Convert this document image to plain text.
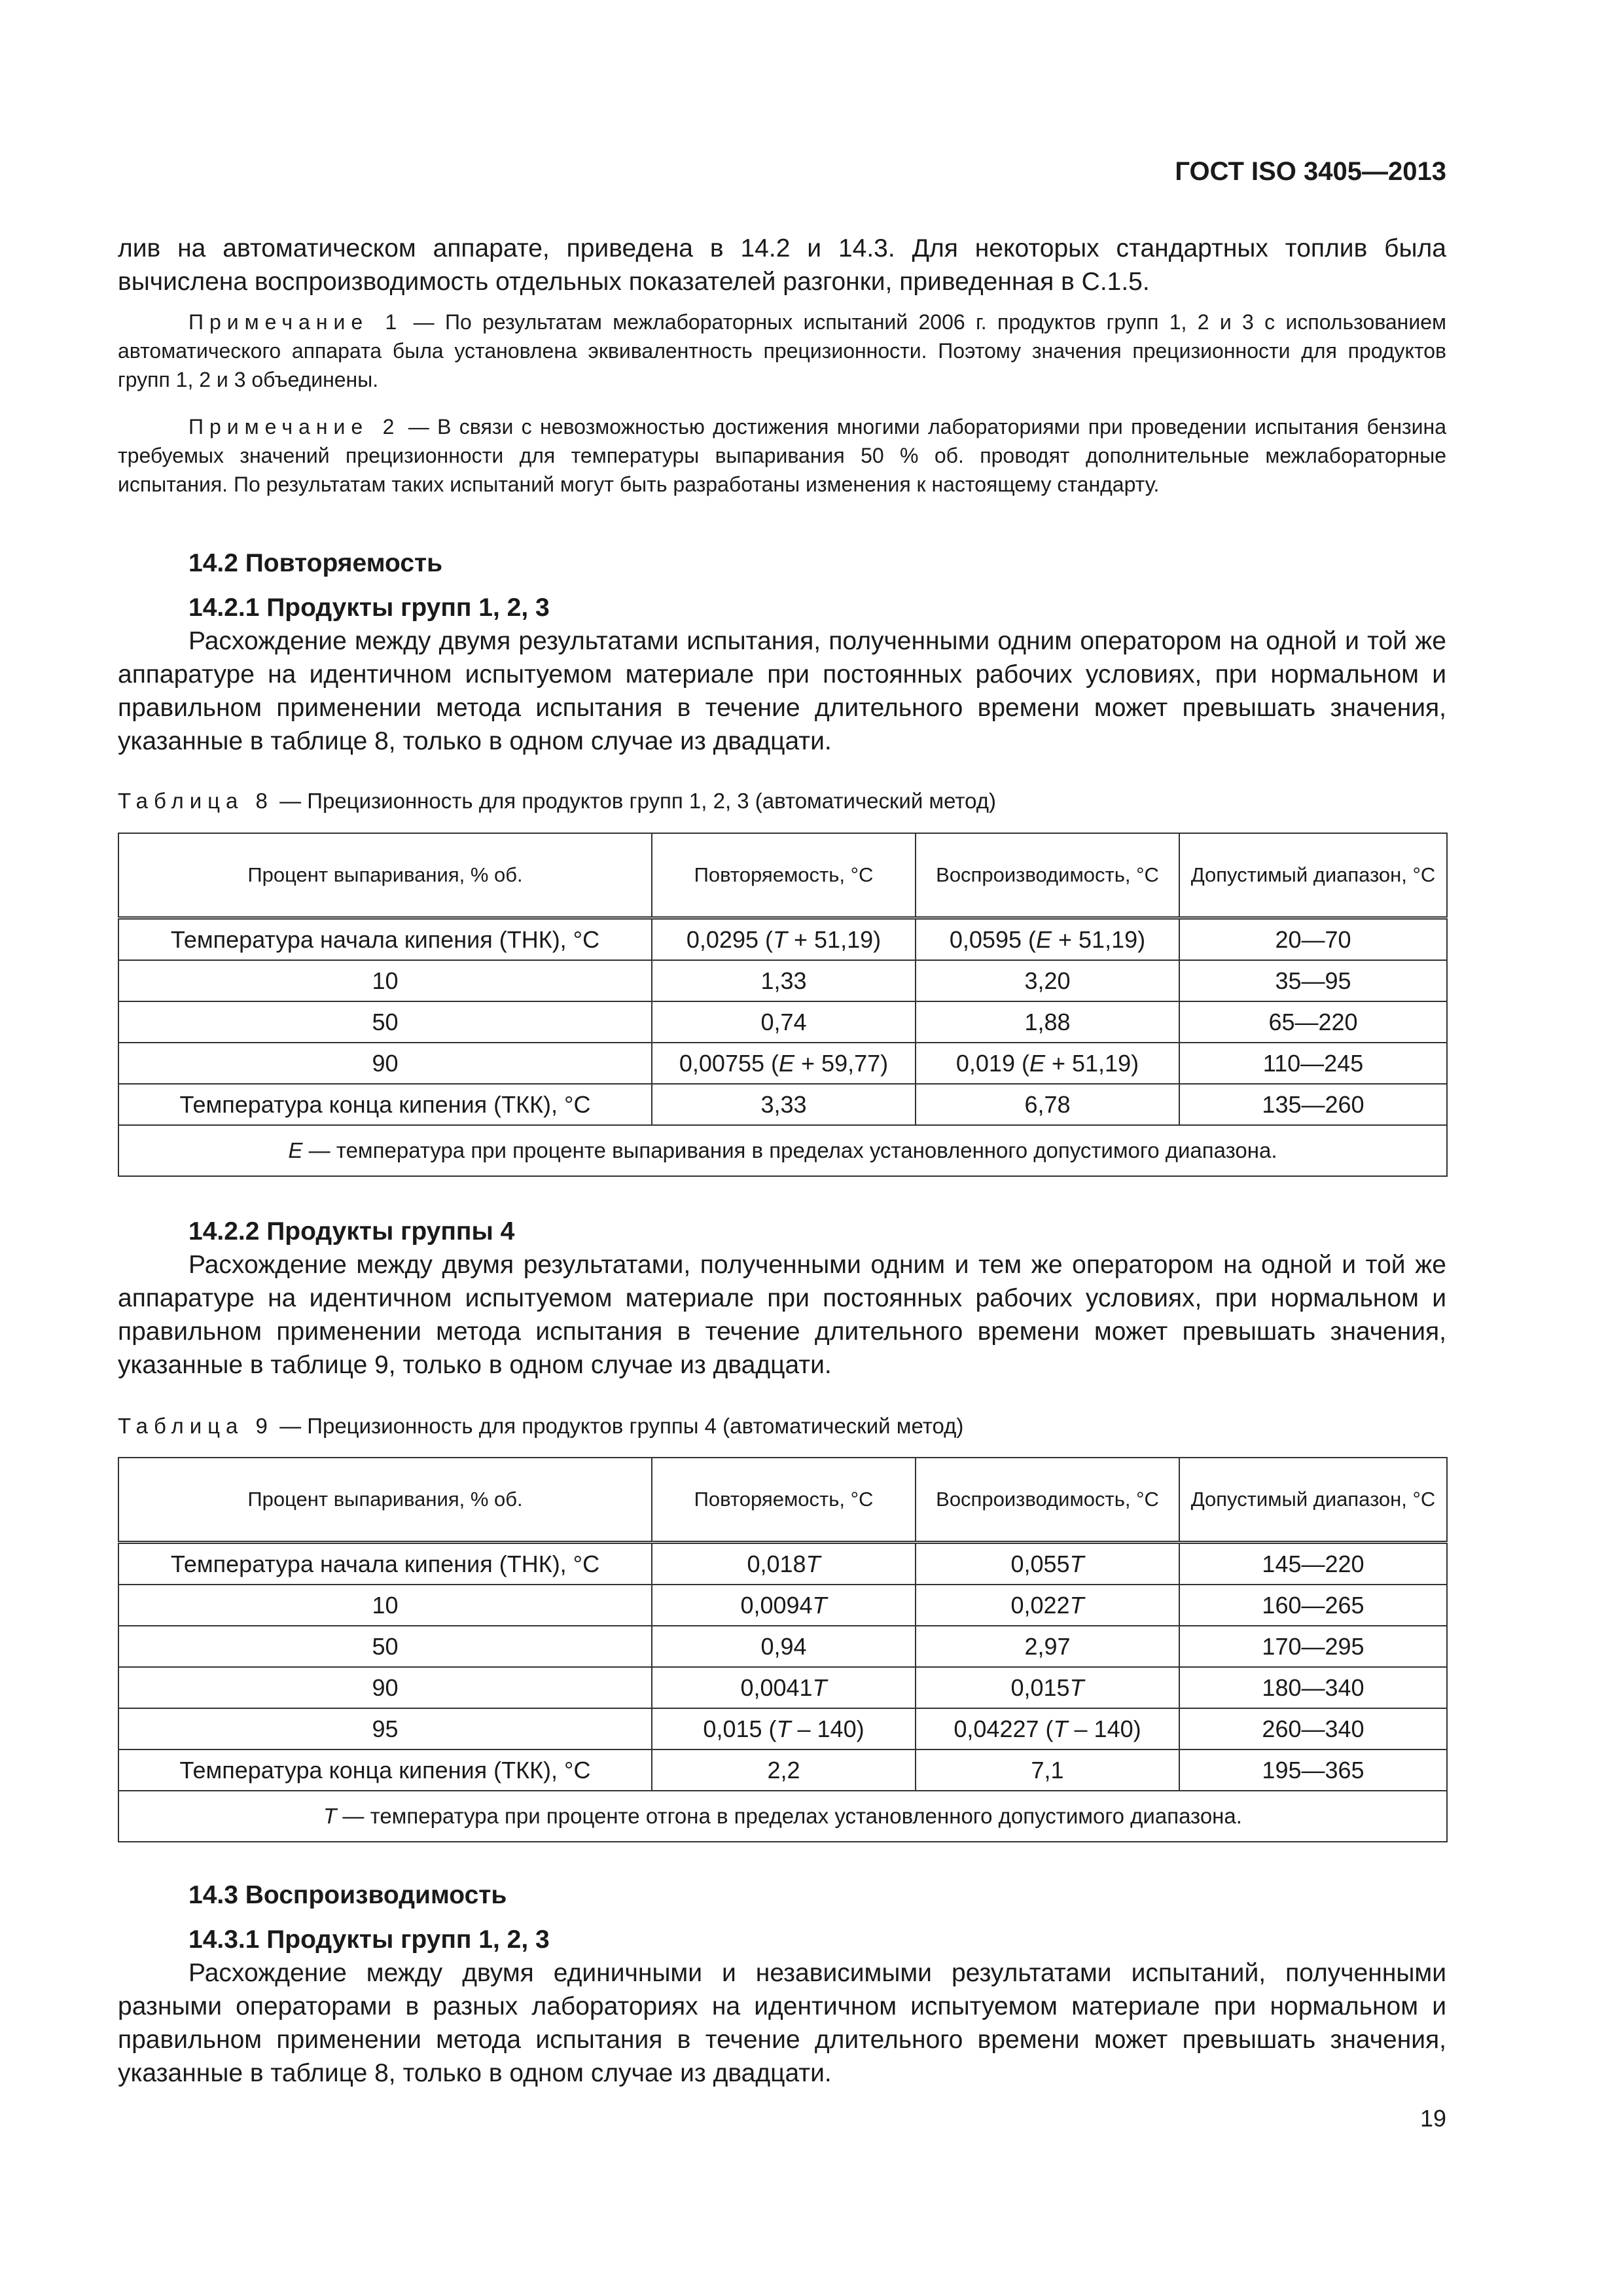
ГОСТ ISO 3405—2013

лив на автоматическом аппарате, приведена в 14.2 и 14.3. Для некоторых стандартных топлив была вычислена воспроизводимость отдельных показателей разгонки, приведенная в С.1.5.

Примечание 1 — По результатам межлабораторных испытаний 2006 г. продуктов групп 1, 2 и 3 с использованием автоматического аппарата была установлена эквивалентность прецизионности. Поэтому значения прецизионности для продуктов групп 1, 2 и 3 объединены.

Примечание 2 — В связи с невозможностью достижения многими лабораториями при проведении испытания бензина требуемых значений прецизионности для температуры выпаривания 50 % об. проводят дополнительные межлабораторные испытания. По результатам таких испытаний могут быть разработаны изменения к настоящему стандарту.

14.2 Повторяемость

14.2.1 Продукты групп 1, 2, 3

Расхождение между двумя результатами испытания, полученными одним оператором на одной и той же аппаратуре на идентичном испытуемом материале при постоянных рабочих условиях, при нормальном и правильном применении метода испытания в течение длительного времени может превышать значения, указанные в таблице 8, только в одном случае из двадцати.

Таблица 8 — Прецизионность для продуктов групп 1, 2, 3 (автоматический метод)

Процент выпаривания, % об.	Повторяемость, °С	Воспроизводимость, °С	Допустимый диапазон, °С
Температура начала кипения (ТНК), °С	0,0295 (T + 51,19)	0,0595 (E + 51,19)	20—70
10	1,33	3,20	35—95
50	0,74	1,88	65—220
90	0,00755 (E + 59,77)	0,019 (E + 51,19)	110—245
Температура конца кипения (ТКК), °С	3,33	6,78	135—260
E — температура при проценте выпаривания в пределах установленного допустимого диапазона.			

14.2.2 Продукты группы 4

Расхождение между двумя результатами, полученными одним и тем же оператором на одной и той же аппаратуре на идентичном испытуемом материале при постоянных рабочих условиях, при нормальном и правильном применении метода испытания в течение длительного времени может превышать значения, указанные в таблице 9, только в одном случае из двадцати.

Таблица 9 — Прецизионность для продуктов группы 4 (автоматический метод)

Процент выпаривания, % об.	Повторяемость, °С	Воспроизводимость, °С	Допустимый диапазон, °С
Температура начала кипения (ТНК), °С	0,018T	0,055T	145—220
10	0,0094T	0,022T	160—265
50	0,94	2,97	170—295
90	0,0041T	0,015T	180—340
95	0,015 (T – 140)	0,04227 (T – 140)	260—340
Температура конца кипения (ТКК), °С	2,2	7,1	195—365
T — температура при проценте отгона в пределах установленного допустимого диапазона.			

14.3 Воспроизводимость

14.3.1 Продукты групп 1, 2, 3

Расхождение между двумя единичными и независимыми результатами испытаний, полученными разными операторами в разных лабораториях на идентичном испытуемом материале при нормальном и правильном применении метода испытания в течение длительного времени может превышать значения, указанные в таблице 8, только в одном случае из двадцати.

19
